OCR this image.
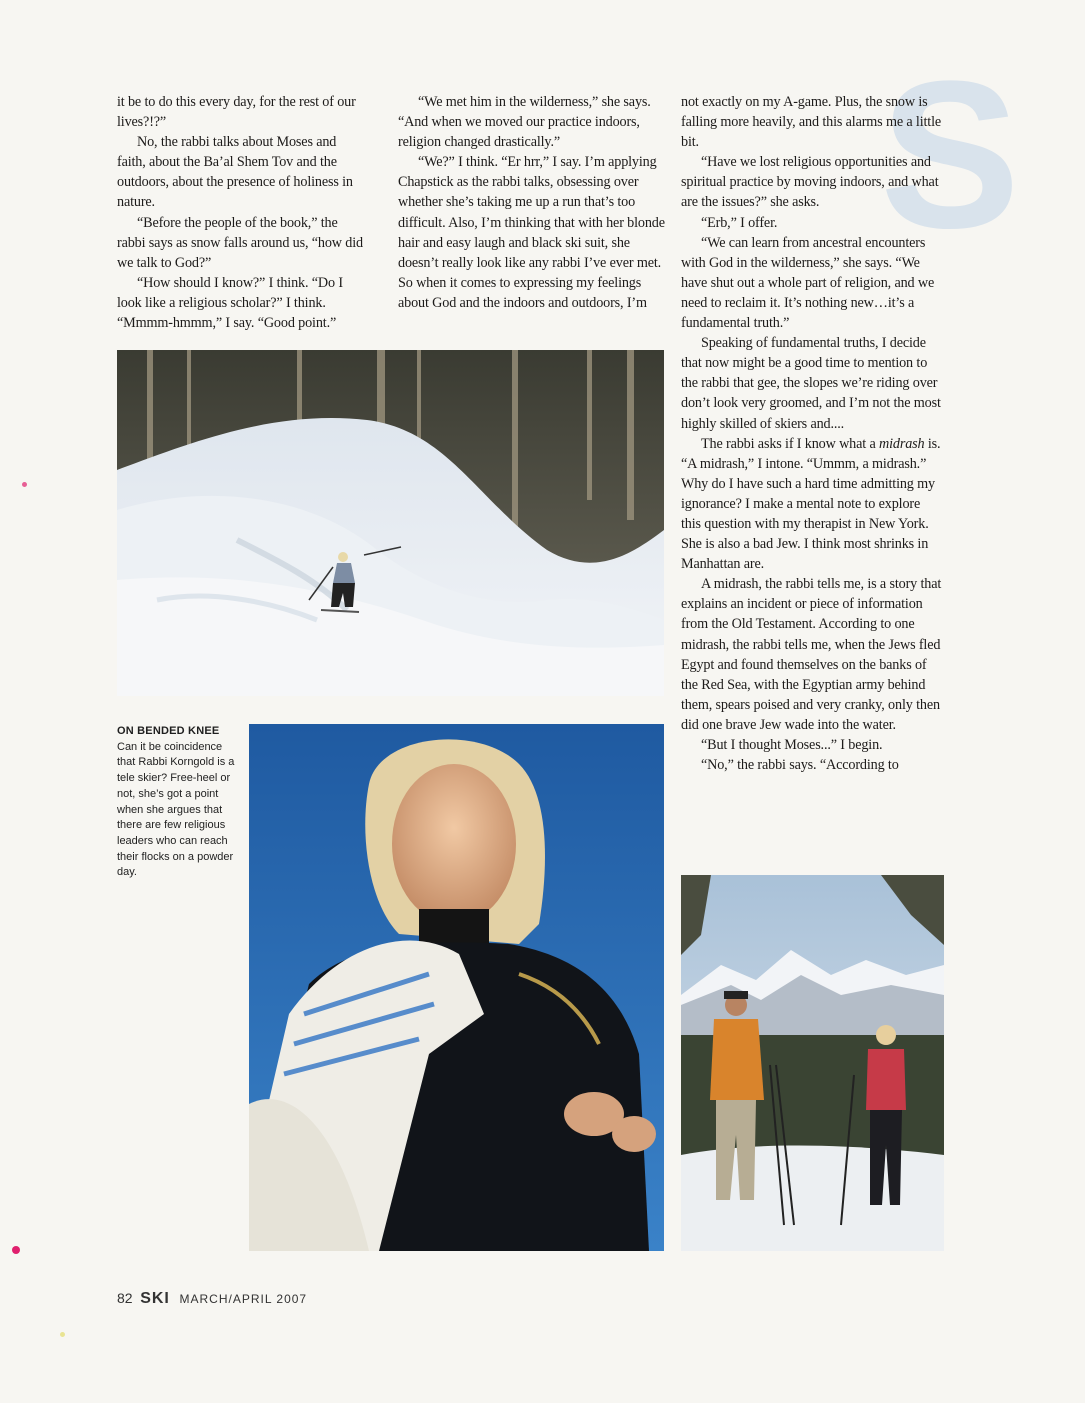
S

it be to do this every day, for the rest of our lives?!?”

No, the rabbi talks about Moses and faith, about the Ba’al Shem Tov and the outdoors, about the presence of holiness in nature.

“Before the people of the book,” the rabbi says as snow falls around us, “how did we talk to God?”

“How should I know?” I think. “Do I look like a religious scholar?” I think. “Mmmm-hmmm,” I say. “Good point.”

“We met him in the wilderness,” she says. “And when we moved our practice indoors, religion changed drastically.”

“We?” I think. “Er hrr,” I say. I’m applying Chapstick as the rabbi talks, obsessing over whether she’s taking me up a run that’s too difficult. Also, I’m thinking that with her blonde hair and easy laugh and black ski suit, she doesn’t really look like any rabbi I’ve ever met. So when it comes to expressing my feelings about God and the indoors and outdoors, I’m

not exactly on my A-game. Plus, the snow is falling more heavily, and this alarms me a little bit.

“Have we lost religious opportunities and spiritual practice by moving indoors, and what are the issues?” she asks.

“Erb,” I offer.

“We can learn from ancestral encounters with God in the wilderness,” she says. “We have shut out a whole part of religion, and we need to reclaim it. It’s nothing new…it’s a fundamental truth.”

Speaking of fundamental truths, I decide that now might be a good time to mention to the rabbi that gee, the slopes we’re riding over don’t look very groomed, and I’m not the most highly skilled of skiers and....

The rabbi asks if I know what a midrash is. “A midrash,” I intone. “Ummm, a midrash.” Why do I have such a hard time admitting my ignorance? I make a mental note to explore this question with my therapist in New York. She is also a bad Jew. I think most shrinks in Manhattan are.

A midrash, the rabbi tells me, is a story that explains an incident or piece of information from the Old Testament. According to one midrash, the rabbi tells me, when the Jews fled Egypt and found themselves on the banks of the Red Sea, with the Egyptian army behind them, spears poised and very cranky, only then did one brave Jew wade into the water.

“But I thought Moses...” I begin.

“No,” the rabbi says. “According to

ON BENDED KNEE
Can it be coincidence that Rabbi Korngold is a tele skier? Free-heel or not, she’s got a point when she argues that there are few religious leaders who can reach their flocks on a powder day.
82 SKI MARCH/APRIL 2007
